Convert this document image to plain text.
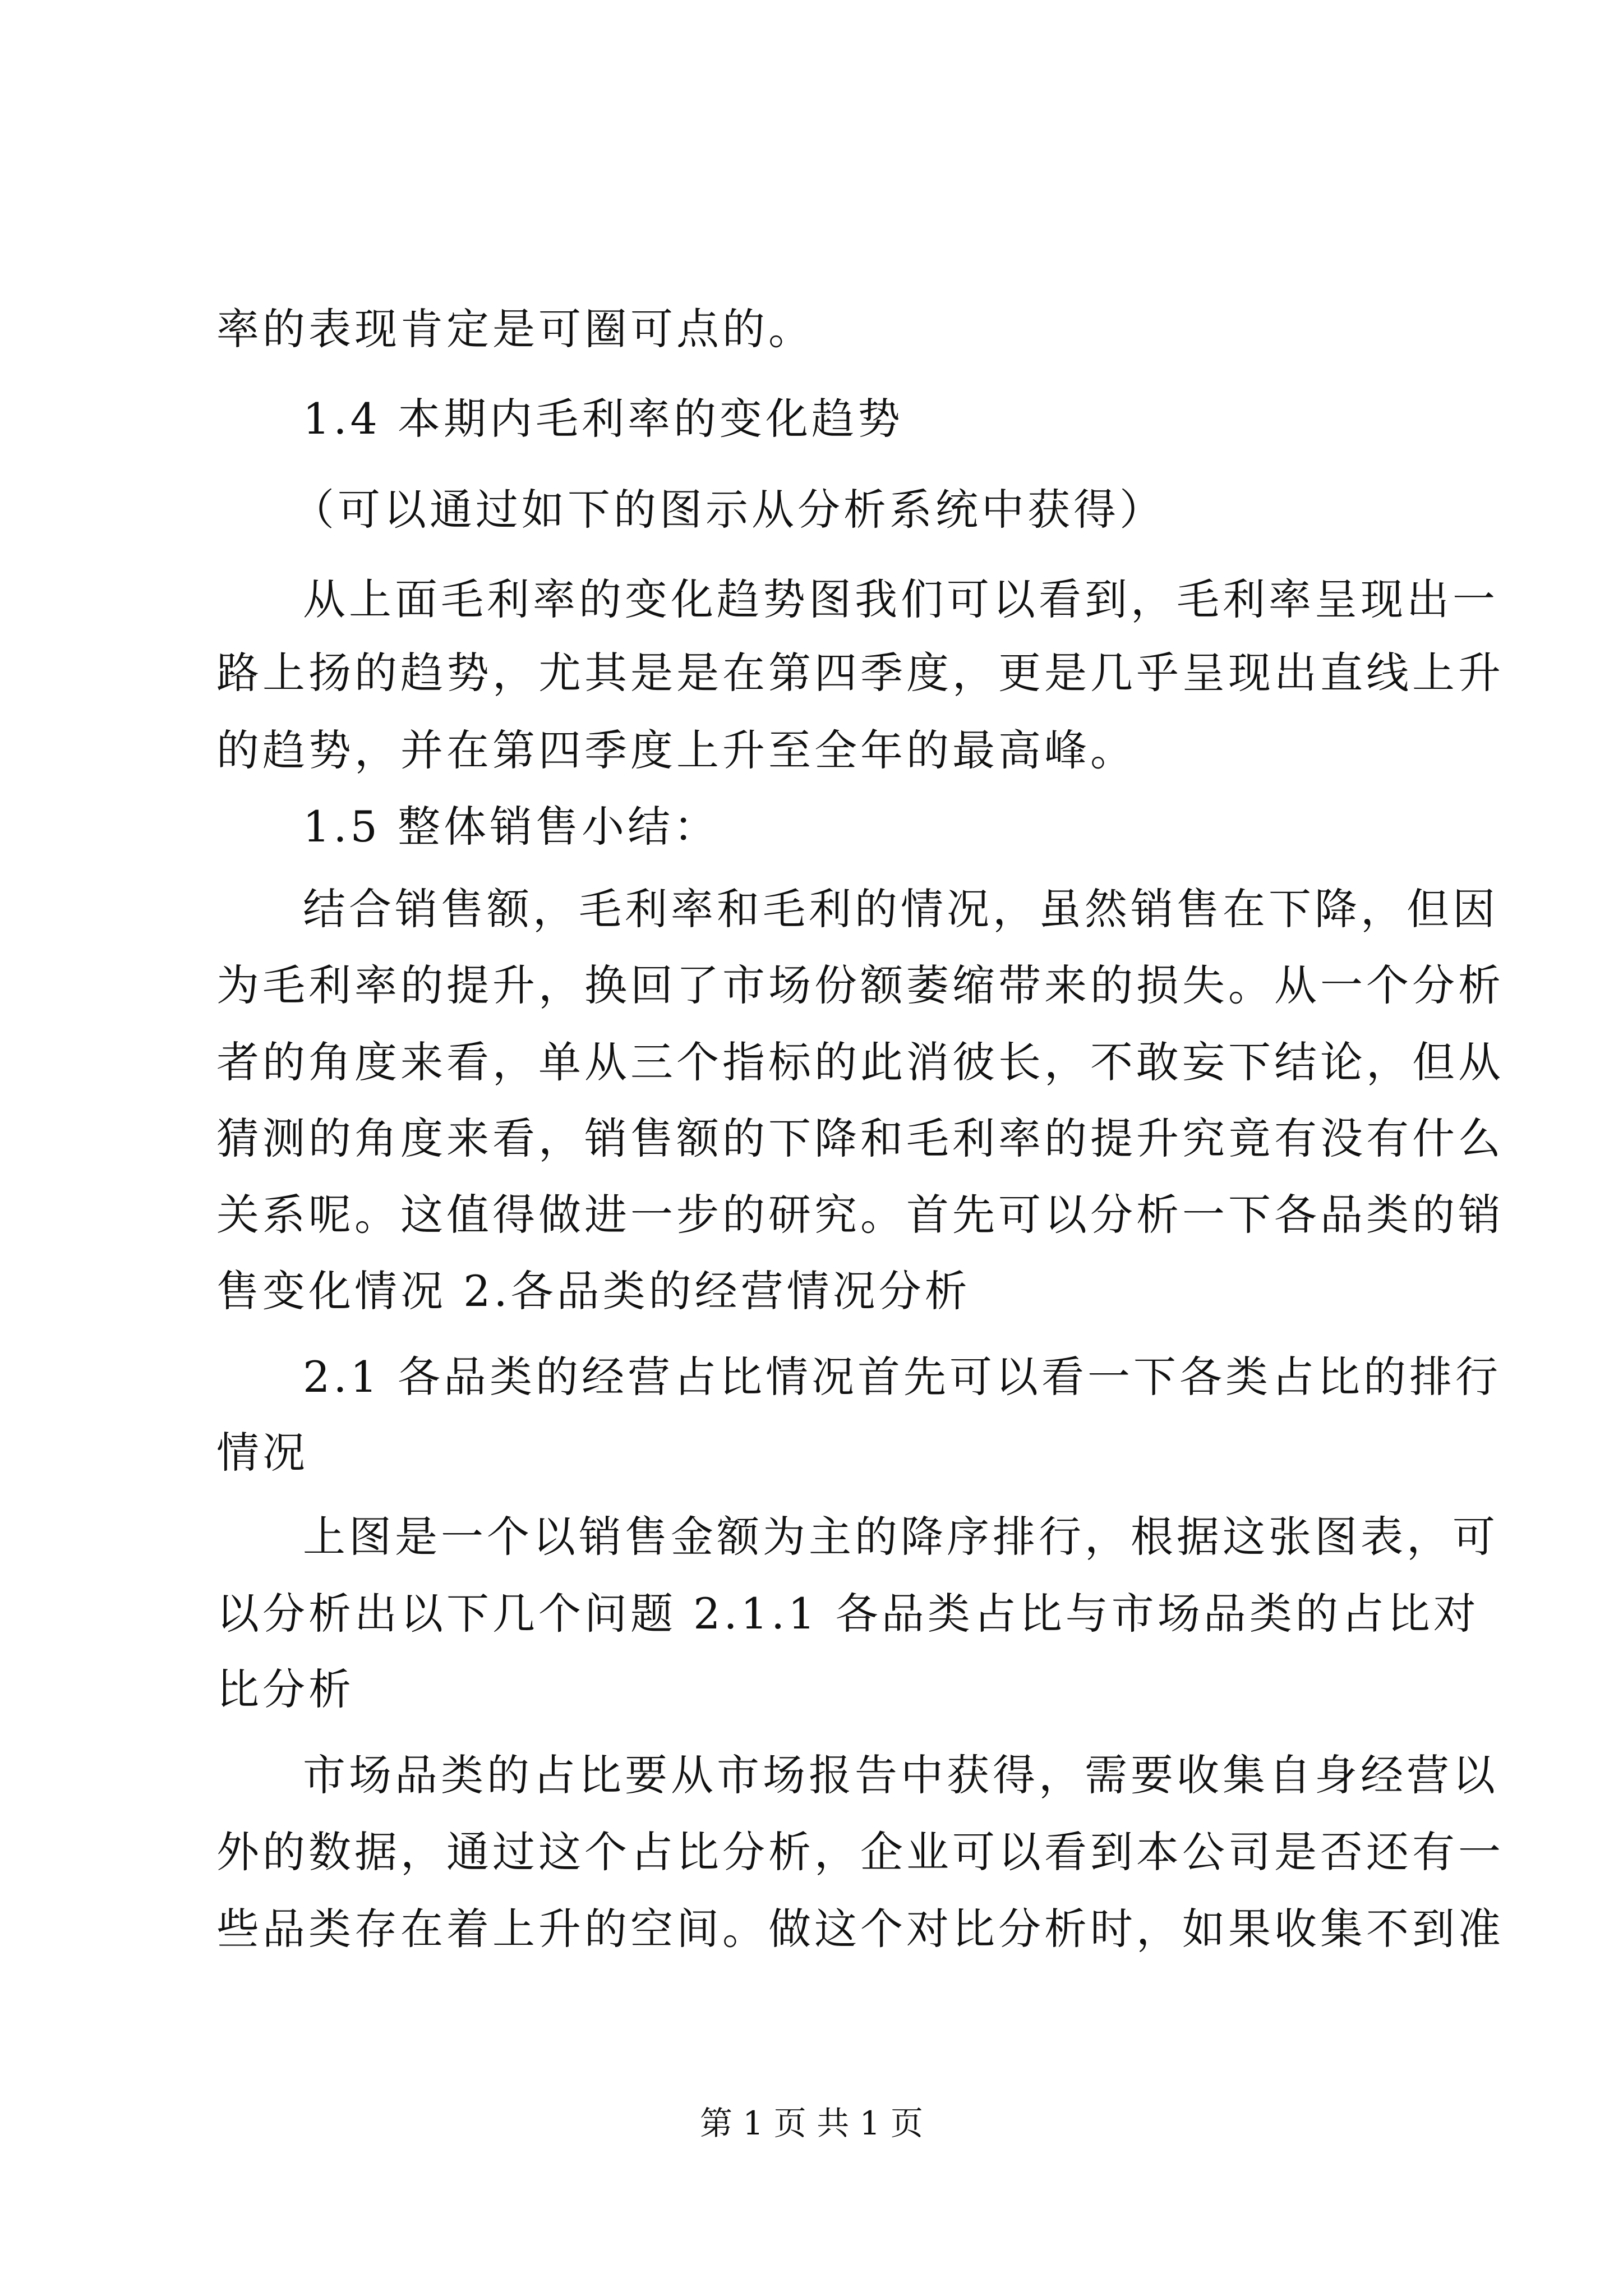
率的表现肯定是可圈可点的。
1.4 本期内毛利率的变化趋势
（可以通过如下的图示从分析系统中获得）
从上面毛利率的变化趋势图我们可以看到，毛利率呈现出一
路上扬的趋势，尤其是是在第四季度，更是几乎呈现出直线上升
的趋势，并在第四季度上升至全年的最高峰。
1.5 整体销售小结：
结合销售额，毛利率和毛利的情况，虽然销售在下降，但因
为毛利率的提升，换回了市场份额萎缩带来的损失。从一个分析
者的角度来看，单从三个指标的此消彼长，不敢妄下结论，但从
猜测的角度来看，销售额的下降和毛利率的提升究竟有没有什么
关系呢。这值得做进一步的研究。首先可以分析一下各品类的销
售变化情况 2.各品类的经营情况分析
2.1 各品类的经营占比情况首先可以看一下各类占比的排行
情况
上图是一个以销售金额为主的降序排行，根据这张图表，可
以分析出以下几个问题 2.1.1 各品类占比与市场品类的占比对
比分析
市场品类的占比要从市场报告中获得，需要收集自身经营以
外的数据，通过这个占比分析，企业可以看到本公司是否还有一
些品类存在着上升的空间。做这个对比分析时，如果收集不到准
第 1 页 共 1 页
